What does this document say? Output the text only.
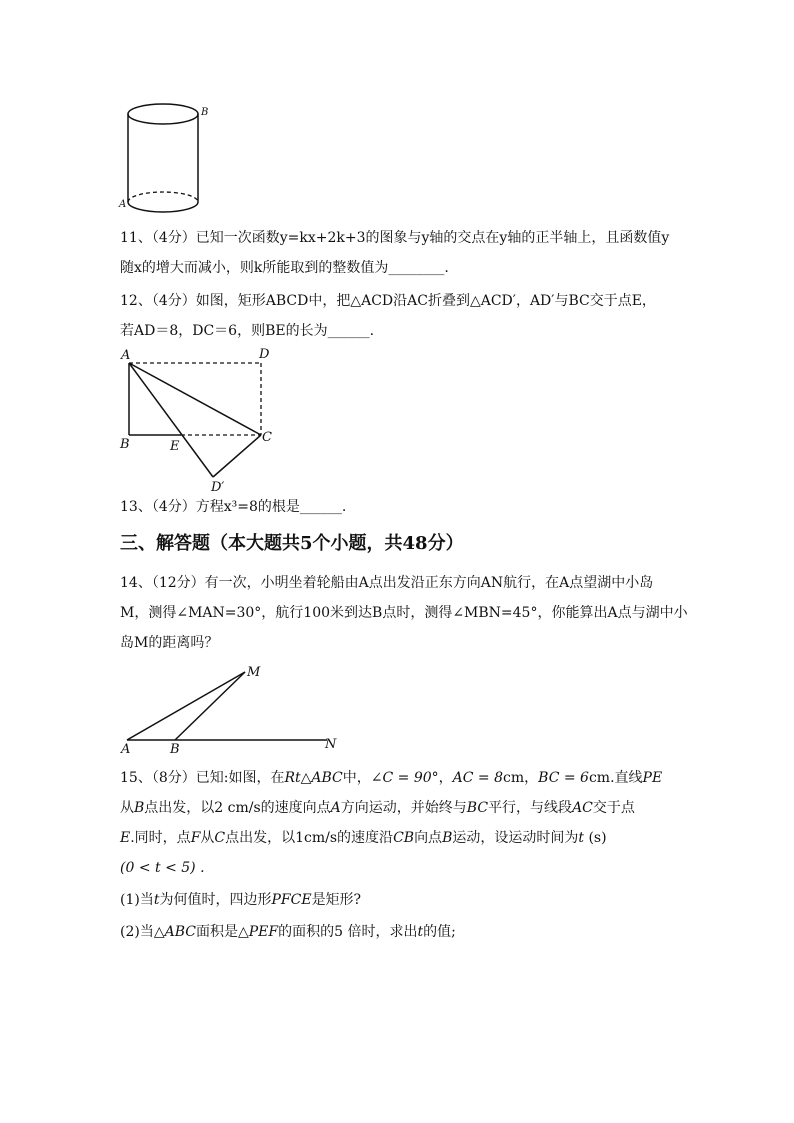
B
A
11、（4分）已知一次函数y=kx+2k+3的图象与y轴的交点在y轴的正半轴上，且函数值y
随x的增大而减小，则k所能取到的整数值为________.
12、（4分）如图，矩形ABCD中，把△ACD沿AC折叠到△ACD′，AD′与BC交于点E，
若AD＝8，DC＝6，则BE的长为______.
A	D
B	E
C
D′
13、（4分）方程x³=8的根是______.
三、解答题（本大题共5个小题，共48分）
14、（12分）有一次，小明坐着轮船由A点出发沿正东方向AN航行，在A点望湖中小岛
M，测得∠MAN=30°，航行100米到达B点时，测得∠MBN=45°，你能算出A点与湖中小
岛M的距离吗？
M
A	B	N
15、（8分）已知:如图，在Rt△ABC中，∠C = 90°，AC = 8cm，BC = 6cm.直线PE
从B点出发，以2 cm/s的速度向点A方向运动，并始终与BC平行，与线段AC交于点
E.同时，点F从C点出发，以1cm/s的速度沿CB向点B运动，设运动时间为t (s)
(0 < t < 5) .
(1)当t为何值时，四边形PFCE是矩形?
(2)当△ABC面积是△PEF的面积的5 倍时，求出t的值;
